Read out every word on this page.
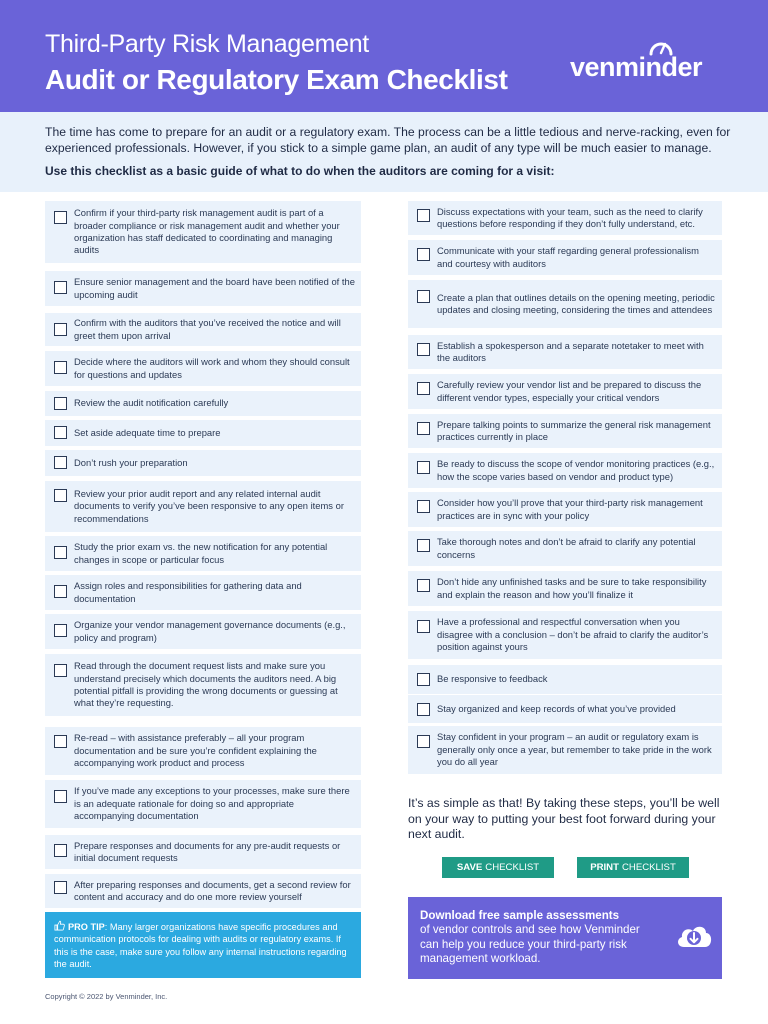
Third-Party Risk Management
Audit or Regulatory Exam Checklist venminder
The time has come to prepare for an audit or a regulatory exam. The process can be a little tedious and nerve-racking, even for experienced professionals. However, if you stick to a simple game plan, an audit of any type will be much easier to manage.
Use this checklist as a basic guide of what to do when the auditors are coming for a visit:
Confirm if your third-party risk management audit is part of a broader compliance or risk management audit and whether your organization has staff dedicated to coordinating and managing audits
Ensure senior management and the board have been notified of the upcoming audit
Confirm with the auditors that you’ve received the notice and will greet them upon arrival
Decide where the auditors will work and whom they should consult for questions and updates
Review the audit notification carefully
Set aside adequate time to prepare
Don’t rush your preparation
Review your prior audit report and any related internal audit documents to verify you’ve been responsive to any open items or recommendations
Study the prior exam vs. the new notification for any potential changes in scope or particular focus
Assign roles and responsibilities for gathering data and documentation
Organize your vendor management governance documents (e.g., policy and program)
Read through the document request lists and make sure you understand precisely which documents the auditors need. A big potential pitfall is providing the wrong documents or guessing at what they’re requesting.
Re-read – with assistance preferably – all your program documentation and be sure you’re confident explaining the accompanying work product and process
If you’ve made any exceptions to your processes, make sure there is an adequate rationale for doing so and appropriate accompanying documentation
Prepare responses and documents for any pre-audit requests or initial document requests
After preparing responses and documents, get a second review for content and accuracy and do one more review yourself
PRO TIP: Many larger organizations have specific procedures and communication protocols for dealing with audits or regulatory exams. If this is the case, make sure you follow any internal instructions regarding the audit.
Copyright © 2022 by Venminder, Inc.
Discuss expectations with your team, such as the need to clarify questions before responding if they don’t fully understand, etc.
Communicate with your staff regarding general professionalism and courtesy with auditors
Create a plan that outlines details on the opening meeting, periodic updates and closing meeting, considering the times and attendees
Establish a spokesperson and a separate notetaker to meet with the auditors
Carefully review your vendor list and be prepared to discuss the different vendor types, especially your critical vendors
Prepare talking points to summarize the general risk management practices currently in place
Be ready to discuss the scope of vendor monitoring practices (e.g., how the scope varies based on vendor and product type)
Consider how you’ll prove that your third-party risk management practices are in sync with your policy
Take thorough notes and don’t be afraid to clarify any potential concerns
Don’t hide any unfinished tasks and be sure to take responsibility and explain the reason and how you’ll finalize it
Have a professional and respectful conversation when you disagree with a conclusion – don’t be afraid to clarify the auditor’s position against yours
Be responsive to feedback
Stay organized and keep records of what you’ve provided
Stay confident in your program – an audit or regulatory exam is generally only once a year, but remember to take pride in the work you do all year
It’s as simple as that! By taking these steps, you’ll be well on your way to putting your best foot forward during your next audit.
SAVE CHECKLIST	PRINT CHECKLIST
Download free sample assessments
of vendor controls and see how Venminder can help you reduce your third-party risk management workload.
